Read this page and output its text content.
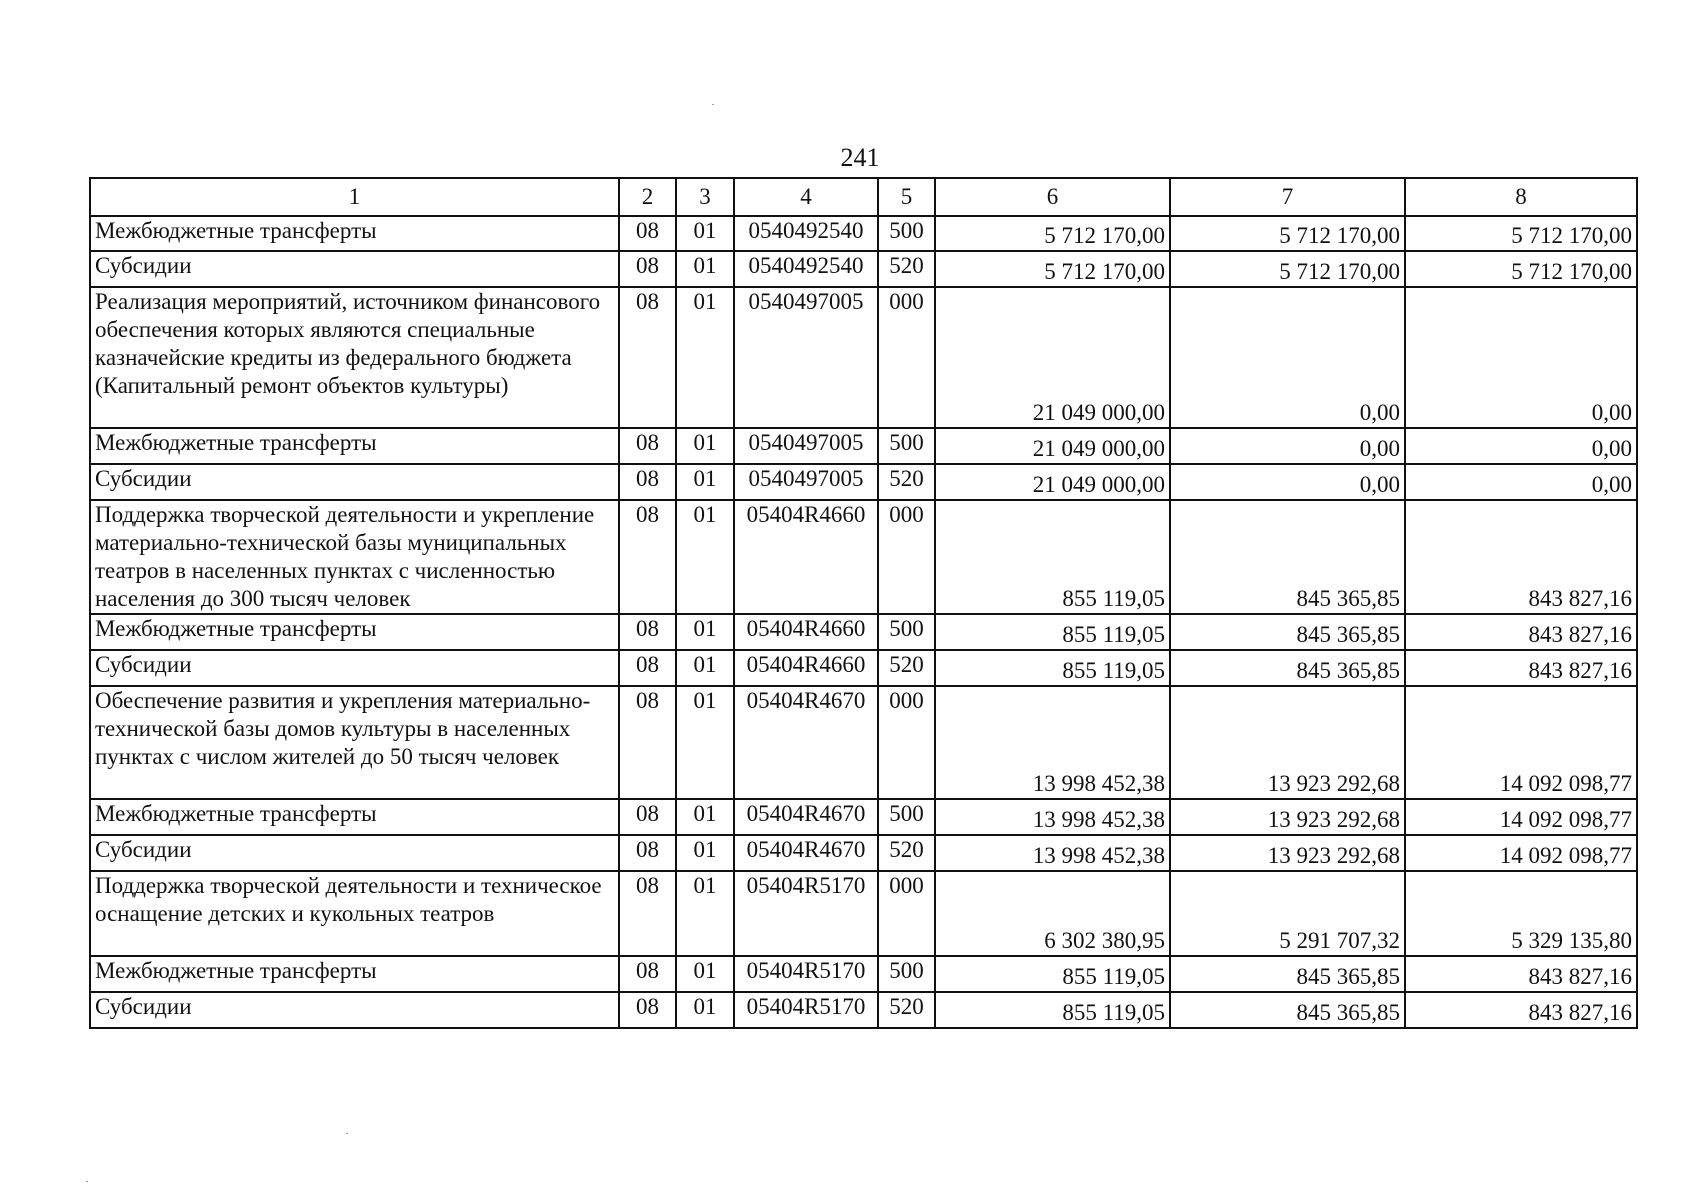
241
1	2	3	4	5	6	7	8
Межбюджетные трансферты	08	01	0540492540	500	5 712 170,00	5 712 170,00	5 712 170,00
Субсидии	08	01	0540492540	520	5 712 170,00	5 712 170,00	5 712 170,00
Реализация мероприятий, источником финансового обеспечения которых являются специальные казначейские кредиты из федерального бюджета (Капитальный ремонт объектов культуры)	08	01	0540497005	000	21 049 000,00	0,00	0,00
Межбюджетные трансферты	08	01	0540497005	500	21 049 000,00	0,00	0,00
Субсидии	08	01	0540497005	520	21 049 000,00	0,00	0,00
Поддержка творческой деятельности и укрепление материально-технической базы муниципальных театров в населенных пунктах с численностью населения до 300 тысяч человек	08	01	05404R4660	000	855 119,05	845 365,85	843 827,16
Межбюджетные трансферты	08	01	05404R4660	500	855 119,05	845 365,85	843 827,16
Субсидии	08	01	05404R4660	520	855 119,05	845 365,85	843 827,16
Обеспечение развития и укрепления материально-технической базы домов культуры в населенных пунктах с числом жителей до 50 тысяч человек	08	01	05404R4670	000	13 998 452,38	13 923 292,68	14 092 098,77
Межбюджетные трансферты	08	01	05404R4670	500	13 998 452,38	13 923 292,68	14 092 098,77
Субсидии	08	01	05404R4670	520	13 998 452,38	13 923 292,68	14 092 098,77
Поддержка творческой деятельности и техническое оснащение детских и кукольных театров	08	01	05404R5170	000	6 302 380,95	5 291 707,32	5 329 135,80
Межбюджетные трансферты	08	01	05404R5170	500	855 119,05	845 365,85	843 827,16
Субсидии	08	01	05404R5170	520	855 119,05	845 365,85	843 827,16
